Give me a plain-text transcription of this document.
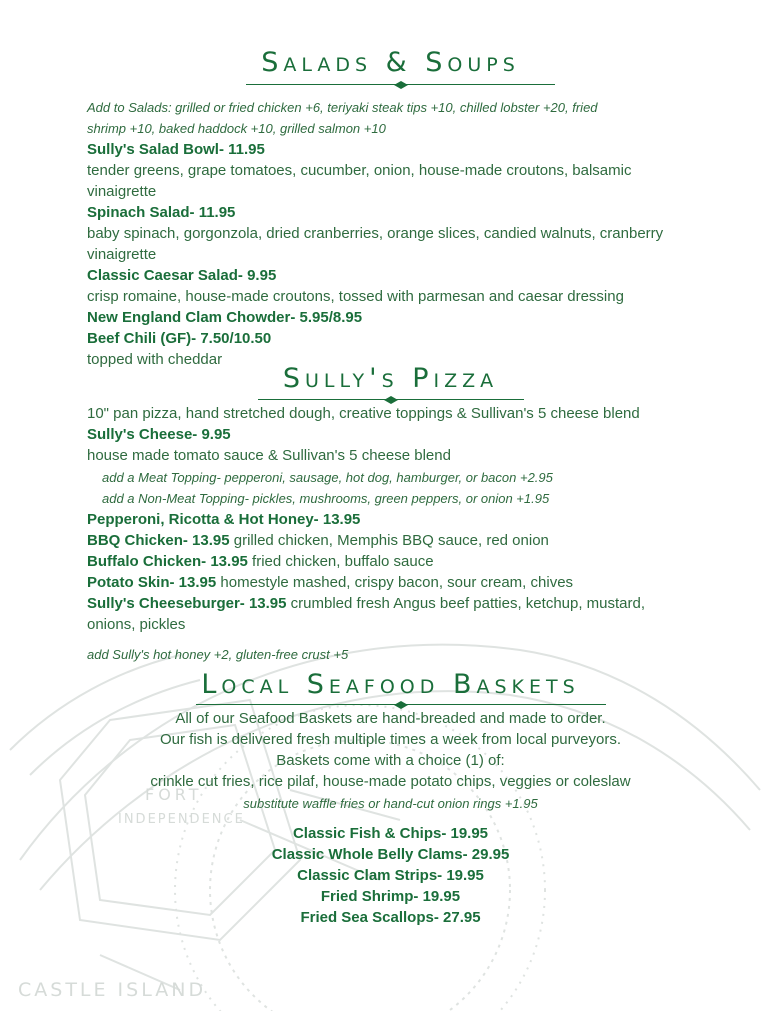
FORT
INDEPENDENCE
CASTLE ISLAND
Salads & Soups
Add to Salads: grilled or fried chicken +6, teriyaki steak tips +10, chilled lobster +20, fried
shrimp +10, baked haddock +10, grilled salmon +10
Sully's Salad Bowl- 11.95
tender greens, grape tomatoes, cucumber, onion, house-made croutons, balsamic
vinaigrette
Spinach Salad- 11.95
baby spinach, gorgonzola, dried cranberries, orange slices, candied walnuts, cranberry
vinaigrette
Classic Caesar Salad- 9.95
crisp romaine, house-made croutons, tossed with parmesan and caesar dressing
New England Clam Chowder- 5.95/8.95
Beef Chili (GF)- 7.50/10.50
topped with cheddar
Sully's Pizza
10" pan pizza, hand stretched dough, creative toppings & Sullivan's 5 cheese blend
Sully's Cheese- 9.95
house made tomato sauce & Sullivan's 5 cheese blend
add a Meat Topping- pepperoni, sausage, hot dog, hamburger, or bacon +2.95
add a Non-Meat Topping- pickles, mushrooms, green peppers, or onion +1.95
Pepperoni, Ricotta & Hot Honey- 13.95
BBQ Chicken- 13.95 grilled chicken, Memphis BBQ sauce, red onion
Buffalo Chicken- 13.95 fried chicken, buffalo sauce
Potato Skin- 13.95 homestyle mashed, crispy bacon, sour cream, chives
Sully's Cheeseburger- 13.95 crumbled fresh Angus beef patties, ketchup, mustard,
onions, pickles
add Sully's hot honey +2, gluten-free crust +5
Local Seafood Baskets
All of our Seafood Baskets are hand-breaded and made to order.
Our fish is delivered fresh multiple times a week from local purveyors.
Baskets come with a choice (1) of:
crinkle cut fries, rice pilaf, house-made potato chips, veggies or coleslaw
substitute waffle fries or hand-cut onion rings +1.95
Classic Fish & Chips- 19.95
Classic Whole Belly Clams- 29.95
Classic Clam Strips- 19.95
Fried Shrimp- 19.95
Fried Sea Scallops- 27.95
